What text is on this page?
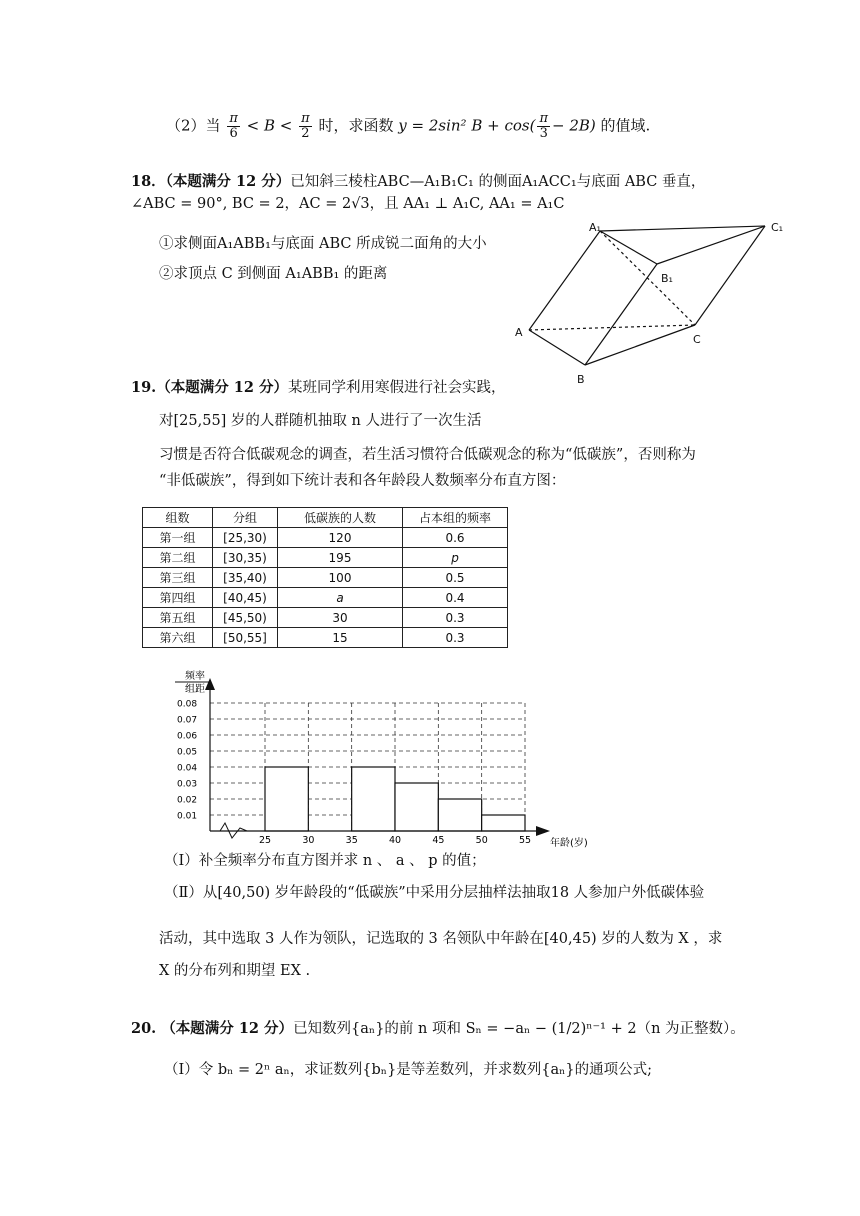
（2）当 $\frac{\pi}{6} < B < \frac{\pi}{2}$ 时，求函数 y = 2sin² $B + \cos( \frac{\pi}{3} - 2B)$ 的值域.
18．（本题满分 12 分）已知斜三棱柱ABC—A₁B₁C₁ 的侧面A₁ACC₁与底面 ABC 垂直，
∠ABC = 90°, BC = 2，AC = 2√3，且 AA₁ ⊥ A₁C, AA₁ = A₁C
①求侧面A₁ABB₁与底面 ABC 所成锐二面角的大小
②求顶点 C 到侧面 A₁ABB₁ 的距离
A₁	C₁
B₁
A
B
C
19.（本题满分 12 分）某班同学利用寒假进行社会实践，
对[25,55] 岁的人群随机抽取 n 人进行了一次生活
习惯是否符合低碳观念的调查，若生活习惯符合低碳观念的称为“低碳族”，否则称为
“非低碳族”，得到如下统计表和各年龄段人数频率分布直方图：
组数	分组	低碳族的人数	占本组的频率
第一组	[25,30)	120	0.6
第二组	[30,35)	195	p
第三组	[35,40)	100	0.5
第四组	[40,45)	a	0.4
第五组	[45,50)	30	0.3
第六组	[50,55]	15	0.3
频率
组距
0.01
0.02
0.03
0.04
0.05
0.06
0.07
0.08
25	30	35	40	45	50	55 年龄(岁)
（Ⅰ）补全频率分布直方图并求 n 、 a 、 p 的值；
（Ⅱ）从[40,50) 岁年龄段的“低碳族”中采用分层抽样法抽取18 人参加户外低碳体验
活动，其中选取 3 人作为领队，记选取的 3 名领队中年龄在[40,45) 岁的人数为 X ，求
X 的分布列和期望 EX .
20. （本题满分 12 分）已知数列{aₙ}的前 n 项和 Sₙ = −aₙ − (1/2)ⁿ⁻¹ + 2（n 为正整数）。
（Ⅰ）令 bₙ = 2ⁿ aₙ，求证数列{bₙ}是等差数列，并求数列{aₙ}的通项公式;
